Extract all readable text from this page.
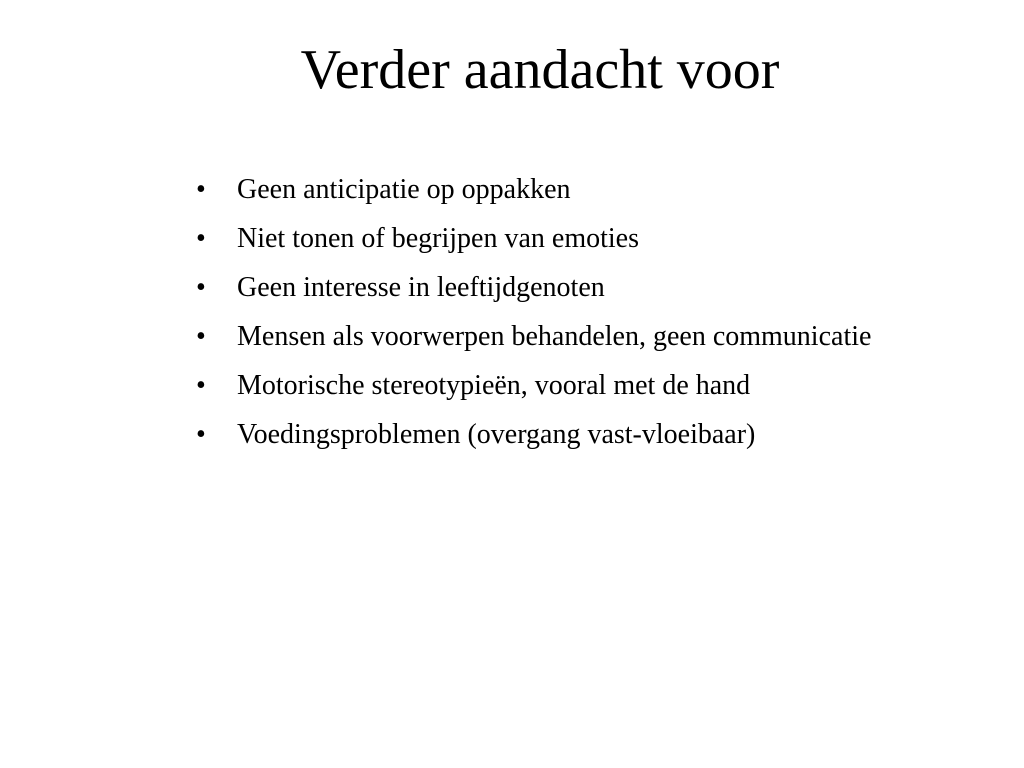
Verder aandacht voor
• Geen anticipatie op oppakken
• Niet tonen of begrijpen van emoties
• Geen interesse in leeftijdgenoten
• Mensen als voorwerpen behandelen, geen communicatie
• Motorische stereotypieën, vooral met de hand
• Voedingsproblemen (overgang vast-vloeibaar)
